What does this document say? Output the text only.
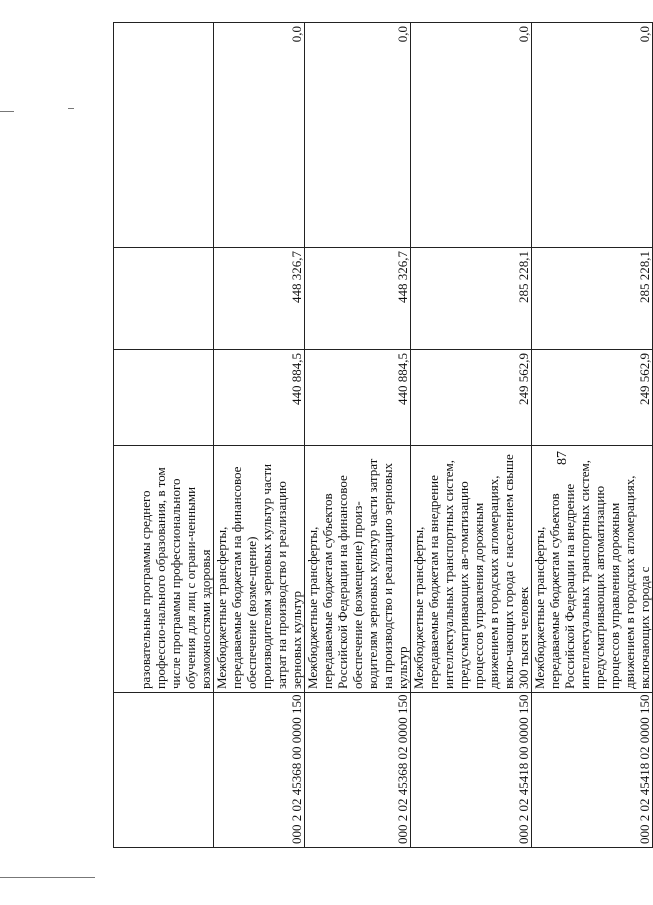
	разовательные программы среднего профессио-нального образования, в том числе программы профессионального обучения для лиц с ограни-ченными возможностями здоровья			
000 2 02 45368 00 0000 150	Межбюджетные трансферты, передаваемые бюджетам на финансовое обеспечение (возме-щение) производителям зерновых культур части затрат на производство и реализацию зерновых культур	440 884,5	448 326,7	0,0
000 2 02 45368 02 0000 150	Межбюджетные трансферты, передаваемые бюджетам субъектов Российской Федерации на финансовое обеспечение (возмещение) произ-водителям зерновых культур части затрат на производство и реализацию зерновых культур	440 884,5	448 326,7	0,0
000 2 02 45418 00 0000 150	Межбюджетные трансферты, передаваемые бюджетам на внедрение интеллектуальных транспортных систем, предусматривающих ав-томатизацию процессов управления дорожным движением в городских агломерациях, вклю-чающих города с населением свыше 300 тысяч человек	249 562,9	285 228,1	0,0
000 2 02 45418 02 0000 150	Межбюджетные трансферты, передаваемые бюджетам субъектов Российской Федерации на внедрение интеллектуальных транспортных систем, предусматривающих автоматизацию процессов управления дорожным движением в городских агломерациях, включающих города с	249 562,9	285 228,1	0,0
87
